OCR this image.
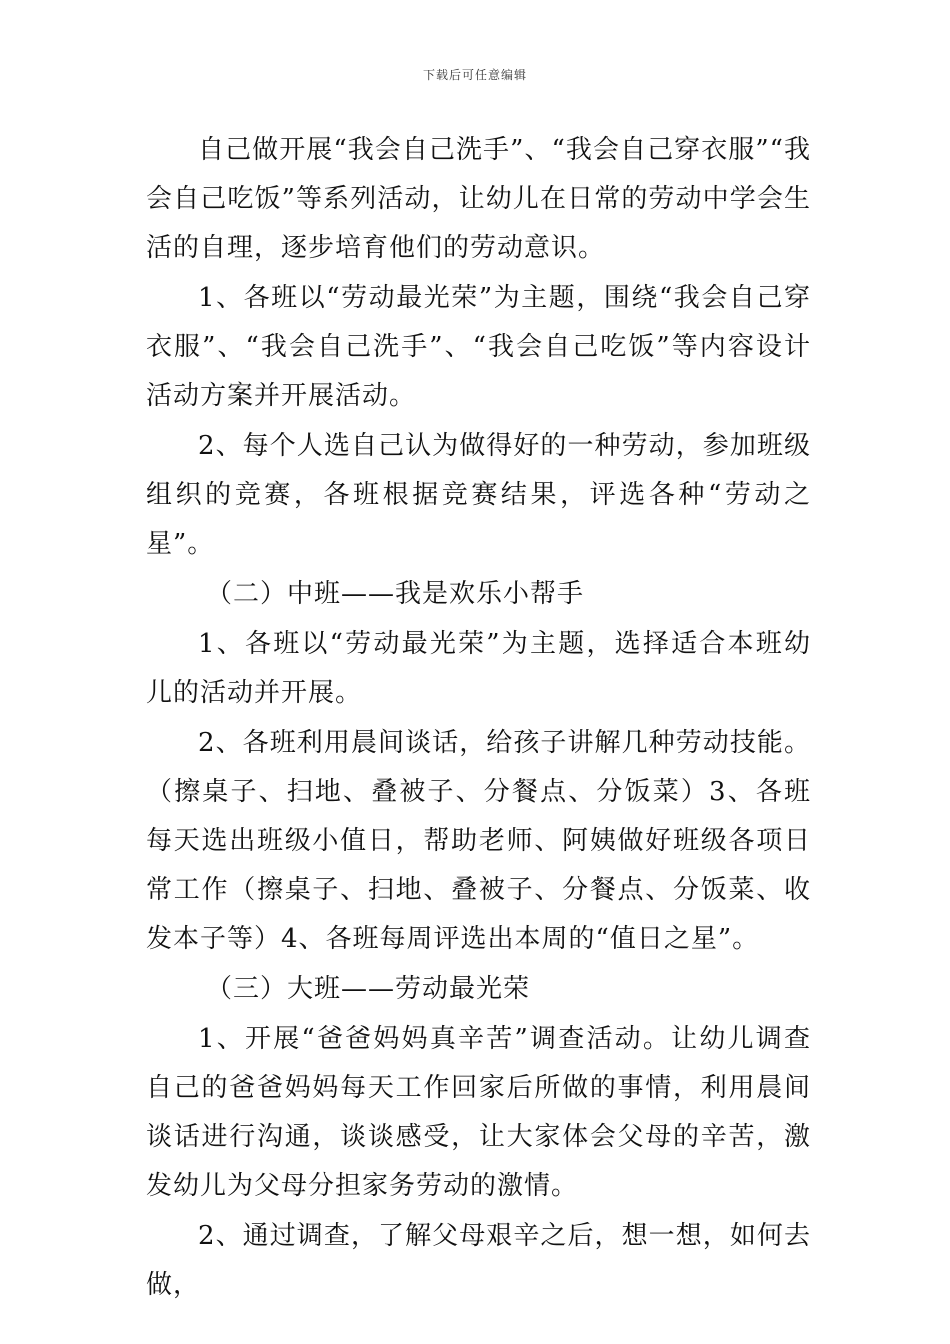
下载后可任意编辑

自己做开展“我会自己洗手”、“我会自己穿衣服”“我会自己吃饭”等系列活动，让幼儿在日常的劳动中学会生活的自理，逐步培育他们的劳动意识。

1、各班以“劳动最光荣”为主题，围绕“我会自己穿衣服”、“我会自己洗手”、“我会自己吃饭”等内容设计活动方案并开展活动。

2、每个人选自己认为做得好的一种劳动，参加班级组织的竞赛，各班根据竞赛结果，评选各种“劳动之星”。

（二）中班——我是欢乐小帮手

1、各班以“劳动最光荣”为主题，选择适合本班幼儿的活动并开展。

2、各班利用晨间谈话，给孩子讲解几种劳动技能。（擦桌子、扫地、叠被子、分餐点、分饭菜）3、各班每天选出班级小值日，帮助老师、阿姨做好班级各项日常工作（擦桌子、扫地、叠被子、分餐点、分饭菜、收发本子等）4、各班每周评选出本周的“值日之星”。

（三）大班——劳动最光荣

1、开展“爸爸妈妈真辛苦”调查活动。让幼儿调查自己的爸爸妈妈每天工作回家后所做的事情，利用晨间谈话进行沟通，谈谈感受，让大家体会父母的辛苦，激发幼儿为父母分担家务劳动的激情。

2、通过调查，了解父母艰辛之后，想一想，如何去做，
